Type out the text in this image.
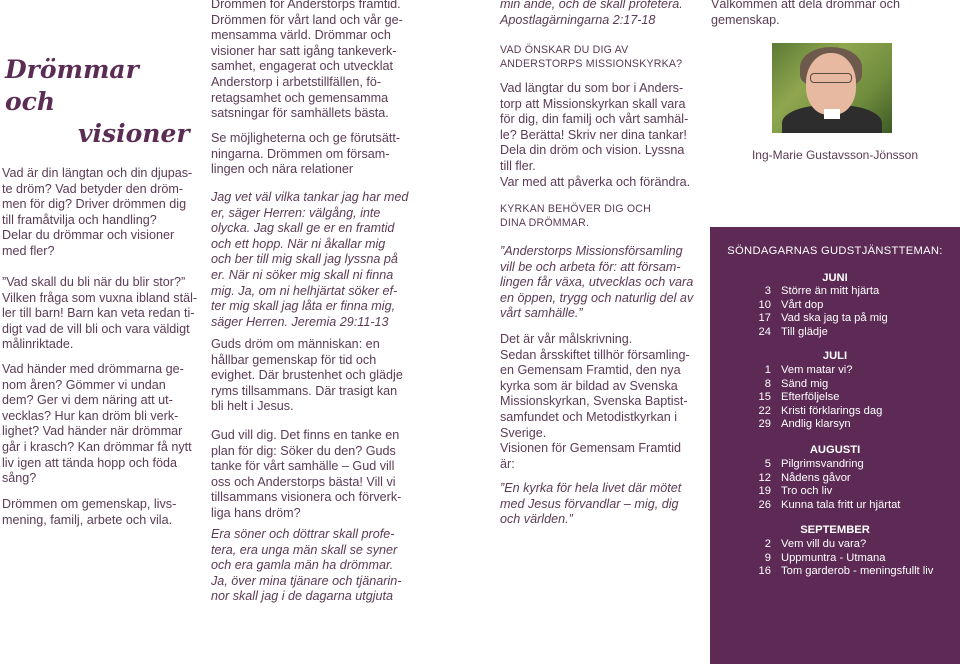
Drömmar och
visioner
Vad är din längtan och din djupas-
te dröm? Vad betyder den dröm-
men för dig? Driver drömmen dig
till framåtvilja och handling?
Delar du drömmar och visioner
med fler?
”Vad skall du bli när du blir stor?”
Vilken fråga som vuxna ibland stäl-
ler till barn! Barn kan veta redan ti-
digt vad de vill bli och vara väldigt
målinriktade.
Vad händer med drömmarna ge-
nom åren? Gömmer vi undan
dem? Ger vi dem näring att ut-
vecklas? Hur kan dröm bli verk-
lighet? Vad händer när drömmar
går i krasch? Kan drömmar få nytt
liv igen att tända hopp och föda
sång?
Drömmen om gemenskap, livs-
mening, familj, arbete och vila.
Drömmen för Anderstorps framtid.
Drömmen för vårt land och vår ge-
mensamma värld. Drömmar och
visioner har satt igång tankeverk-
samhet, engagerat och utvecklat
Anderstorp i arbetstillfällen, fö-
retagsamhet och gemensamma
satsningar för samhällets bästa.
Se möjligheterna och ge förutsätt-
ningarna. Drömmen om försam-
lingen och nära relationer
Jag vet väl vilka tankar jag har med
er, säger Herren: välgång, inte
olycka. Jag skall ge er en framtid
och ett hopp. När ni åkallar mig
och ber till mig skall jag lyssna på
er. När ni söker mig skall ni finna
mig. Ja, om ni helhjärtat söker ef-
ter mig skall jag låta er finna mig,
säger Herren. Jeremia 29:11-13
Guds dröm om människan: en
hållbar gemenskap för tid och
evighet. Där brustenhet och glädje
ryms tillsammans. Där trasigt kan
bli helt i Jesus.
Gud vill dig. Det finns en tanke en
plan för dig: Söker du den? Guds
tanke för vårt samhälle – Gud vill
oss och Anderstorps bästa! Vill vi
tillsammans visionera och förverk-
liga hans dröm?
Era söner och döttrar skall profe-
tera, era unga män skall se syner
och era gamla män ha drömmar.
Ja, över mina tjänare och tjänarin-
nor skall jag i de dagarna utgjuta
min ande, och de skall profetera.
Apostlagärningarna 2:17-18
VAD ÖNSKAR DU DIG AV
ANDERSTORPS MISSIONSKYRKA?
Vad längtar du som bor i Anders-
torp att Missionskyrkan skall vara
för dig, din familj och vårt samhäl-
le? Berätta! Skriv ner dina tankar!
Dela din dröm och vision. Lyssna
till fler.
Var med att påverka och förändra.
KYRKAN BEHÖVER DIG OCH
DINA DRÖMMAR.
”Anderstorps Missionsförsamling
vill be och arbeta för: att försam-
lingen får växa, utvecklas och vara
en öppen, trygg och naturlig del av
vårt samhälle.”
Det är vår målskrivning.
Sedan årsskiftet tillhör församling-
en Gemensam Framtid, den nya
kyrka som är bildad av Svenska
Missionskyrkan, Svenska Baptist-
samfundet och Metodistkyrkan i
Sverige.
Visionen för Gemensam Framtid
är:
”En kyrka för hela livet där mötet
med Jesus förvandlar – mig, dig
och världen.”
Välkommen att dela drömmar och
gemenskap.
Ing-Marie Gustavsson-Jönsson
SÖNDAGARNAS GUDSTJÄNSTTEMAN:
JUNI
3 Större än mitt hjärta
10 Vårt dop
17 Vad ska jag ta på mig
24 Till glädje
JULI
1 Vem matar vi?
8 Sänd mig
15 Efterföljelse
22 Kristi förklarings dag
29 Andlig klarsyn
AUGUSTI
5 Pilgrimsvandring
12 Nådens gåvor
19 Tro och liv
26 Kunna tala fritt ur hjärtat
SEPTEMBER
2 Vem vill du vara?
9 Uppmuntra - Utmana
16 Tom garderob - meningsfullt liv
